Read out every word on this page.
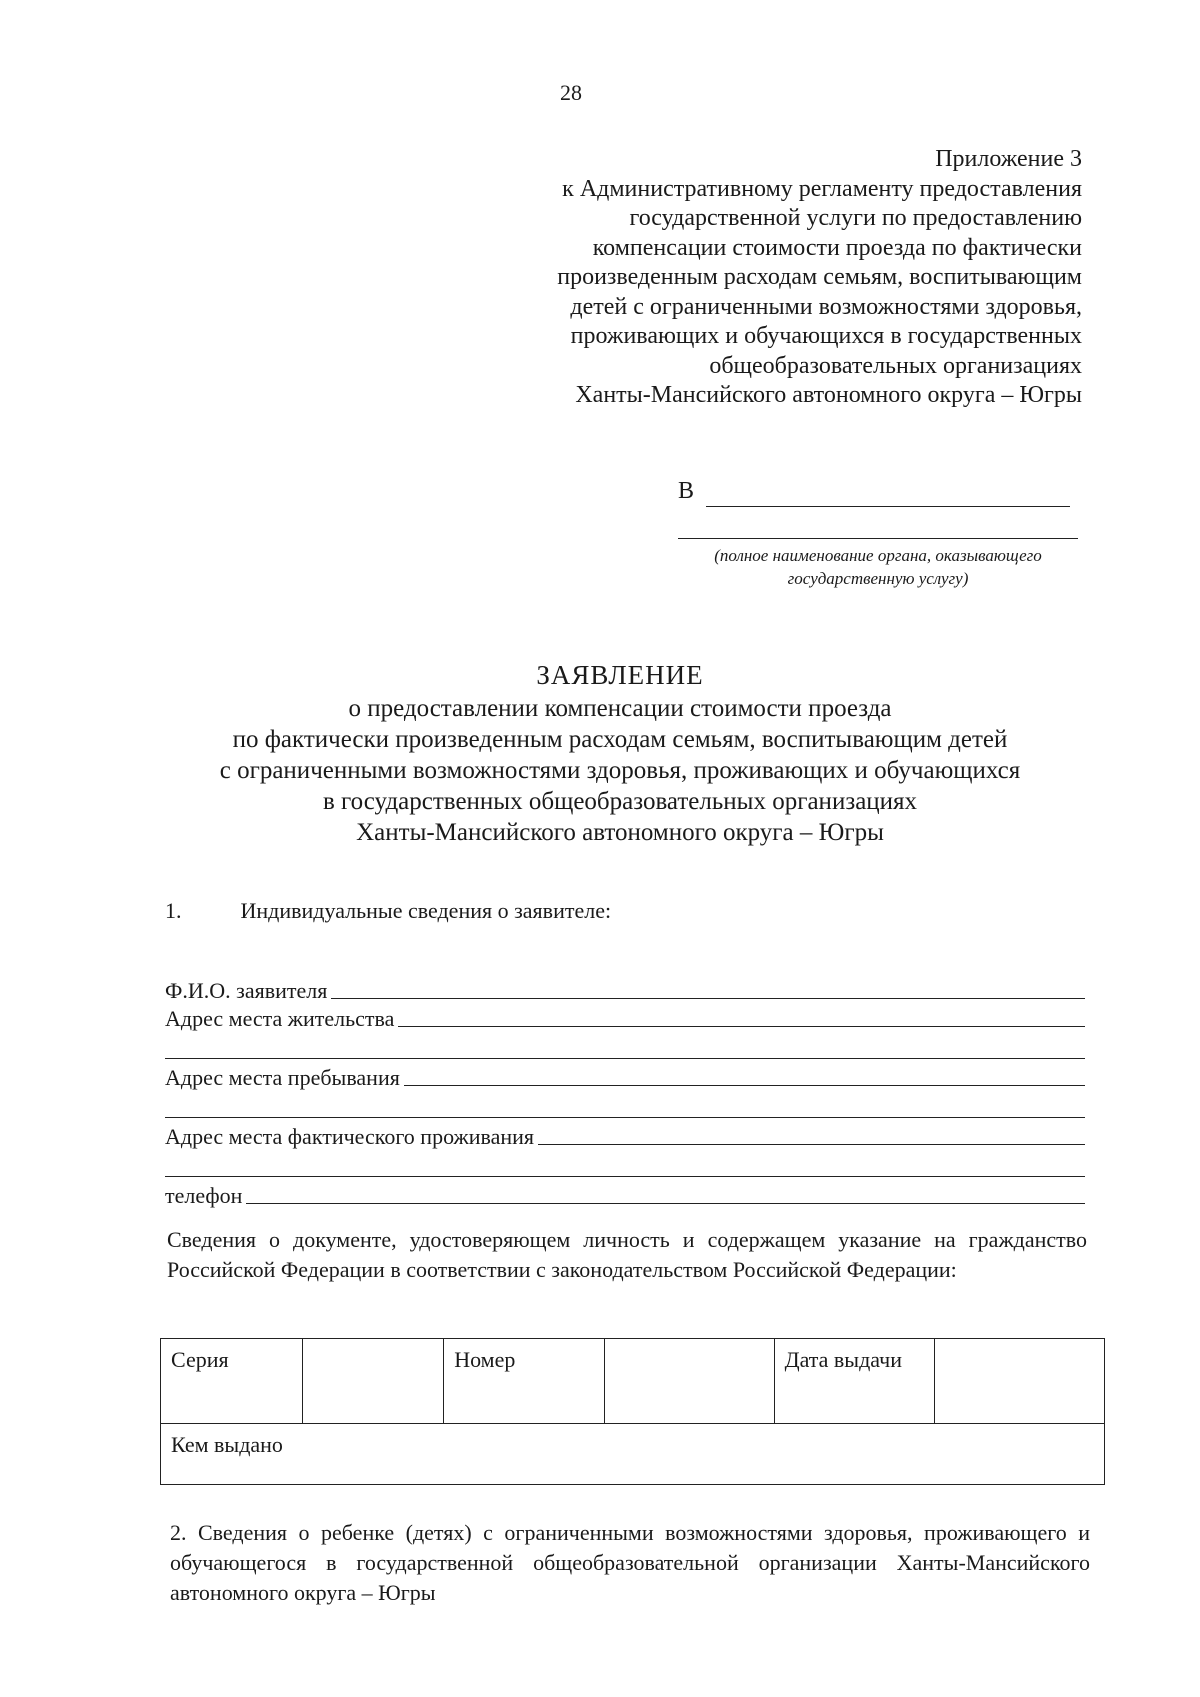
28
Приложение 3
к Административному регламенту предоставления
государственной услуги по предоставлению
компенсации стоимости проезда по фактически
произведенным расходам семьям, воспитывающим
детей с ограниченными возможностями здоровья,
проживающих и обучающихся в государственных
общеобразовательных организациях
Ханты-Мансийского автономного округа – Югры
В
(полное наименование органа, оказывающего
государственную услугу)
ЗАЯВЛЕНИЕ
о предоставлении компенсации стоимости проезда
по фактически произведенным расходам семьям, воспитывающим детей
с ограниченными возможностями здоровья, проживающих и обучающихся
в государственных общеобразовательных организациях
Ханты-Мансийского автономного округа – Югры
1.	Индивидуальные сведения о заявителе:
Ф.И.О. заявителя
Адрес места жительства
Адрес места пребывания
Адрес места фактического проживания
телефон
Сведения о документе, удостоверяющем личность и содержащем указание на гражданство Российской Федерации в соответствии с законодательством Российской Федерации:
Серия		Номер		Дата выдачи	
Кем выдано
2. Сведения о ребенке (детях) с ограниченными возможностями здоровья, проживающего и обучающегося в государственной общеобразовательной организации Ханты-Мансийского автономного округа – Югры
